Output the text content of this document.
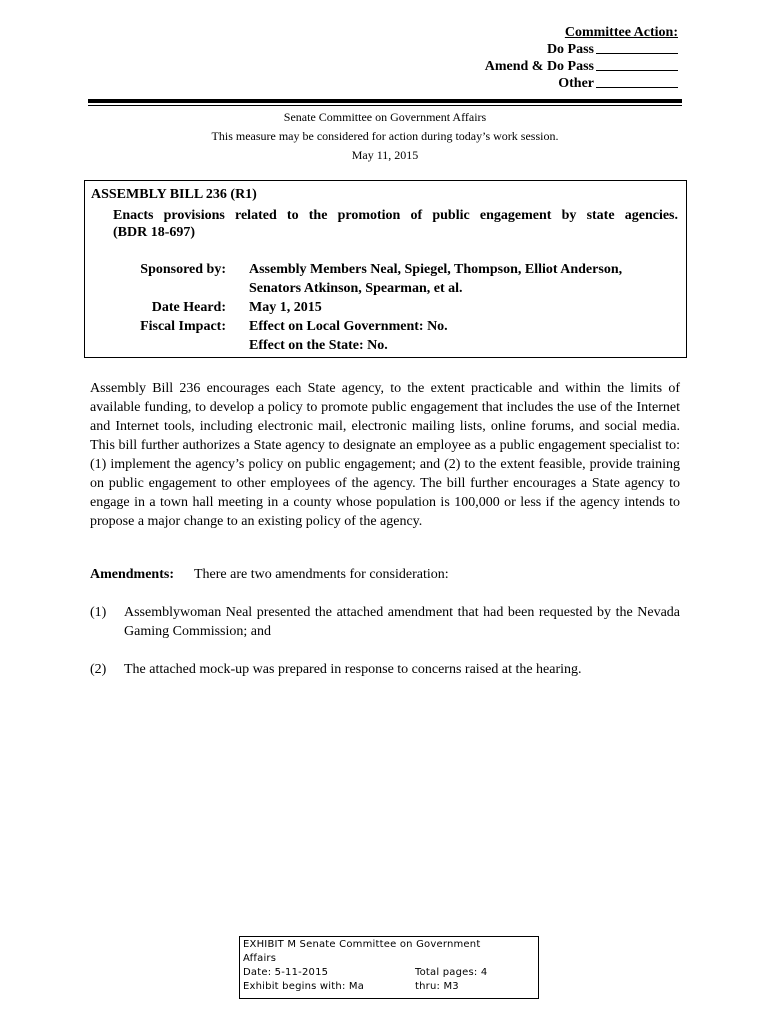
Committee Action:
Do Pass
Amend & Do Pass
Other
Senate Committee on Government Affairs
This measure may be considered for action during today’s work session.
May 11, 2015
ASSEMBLY BILL 236 (R1)
Enacts provisions related to the promotion of public engagement by state agencies.
(BDR 18-697)
Sponsored by: Assembly Members Neal, Spiegel, Thompson, Elliot Anderson,
Senators Atkinson, Spearman, et al.
Date Heard: May 1, 2015
Fiscal Impact: Effect on Local Government: No.
Effect on the State: No.
Assembly Bill 236 encourages each State agency, to the extent practicable and within the limits of available funding, to develop a policy to promote public engagement that includes the use of the Internet and Internet tools, including electronic mail, electronic mailing lists, online forums, and social media. This bill further authorizes a State agency to designate an employee as a public engagement specialist to: (1) implement the agency’s policy on public engagement; and (2) to the extent feasible, provide training on public engagement to other employees of the agency. The bill further encourages a State agency to engage in a town hall meeting in a county whose population is 100,000 or less if the agency intends to propose a major change to an existing policy of the agency.
Amendments: There are two amendments for consideration:
(1) Assemblywoman Neal presented the attached amendment that had been requested by the Nevada Gaming Commission; and
(2) The attached mock-up was prepared in response to concerns raised at the hearing.
EXHIBIT M Senate Committee on Government
Affairs
Date: 5-11-2015	Total pages: 4
Exhibit begins with: Ma	thru: M3
